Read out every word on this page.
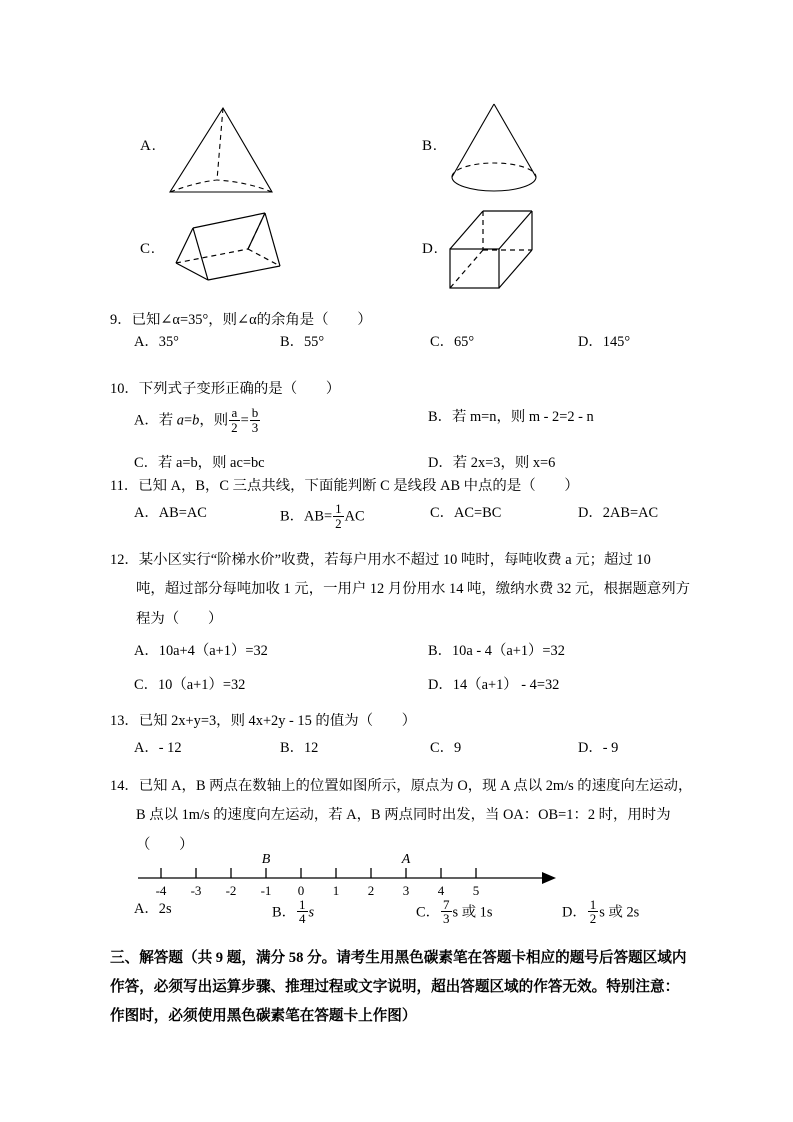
A.	B.
C.	D.
9．已知∠α=35°，则∠α的余角是（　　）
A．35°	B．55°	C．65°	D．145°
10．下列式子变形正确的是（　　）
A．若 a=b，则 $\frac{a}{2} = \frac{b}{3}$	B．若 m=n，则 m - 2=2 - n
C．若 a=b，则 ac=bc	D．若 2x=3，则 x=6
11．已知 A，B，C 三点共线，下面能判断 C 是线段 AB 中点的是（　　）
A．AB=AC	B．$AB= \frac{1}{2}$ AC	C．AC=BC	D．2AB=AC
12．某小区实行“阶梯水价”收费，若每户用水不超过 10 吨时，每吨收费 a 元；超过 10
吨，超过部分每吨加收 1 元，一用户 12 月份用水 14 吨，缴纳水费 32 元，根据题意列方
程为（　　）
A．10a+4（a+1）=32	B．10a - 4（a+1）=32
C．10（a+1）=32	D．14（a+1） - 4=32
13．已知 2x+y=3，则 4x+2y - 15 的值为（　　）
A．- 12	B．12	C．9	D．- 9
14．已知 A，B 两点在数轴上的位置如图所示，原点为 O，现 A 点以 2m/s 的速度向左运动，
B 点以 1m/s 的速度向左运动，若 A，B 两点同时出发，当 OA：OB=1：2 时，用时为
（　　）
-4 -3 -2 -1 0 1 2 3 4 5
B	A
A．2s	B． $\frac{1}{4}$ s	C． $\frac{7}{3}$ s 或 1s	D． $\frac{1}{2}$ s 或 2s
三、解答题（共 9 题，满分 58 分。请考生用黑色碳素笔在答题卡相应的题号后答题区域内
作答，必须写出运算步骤、推理过程或文字说明，超出答题区域的作答无效。特别注意：
作图时，必须使用黑色碳素笔在答题卡上作图）
